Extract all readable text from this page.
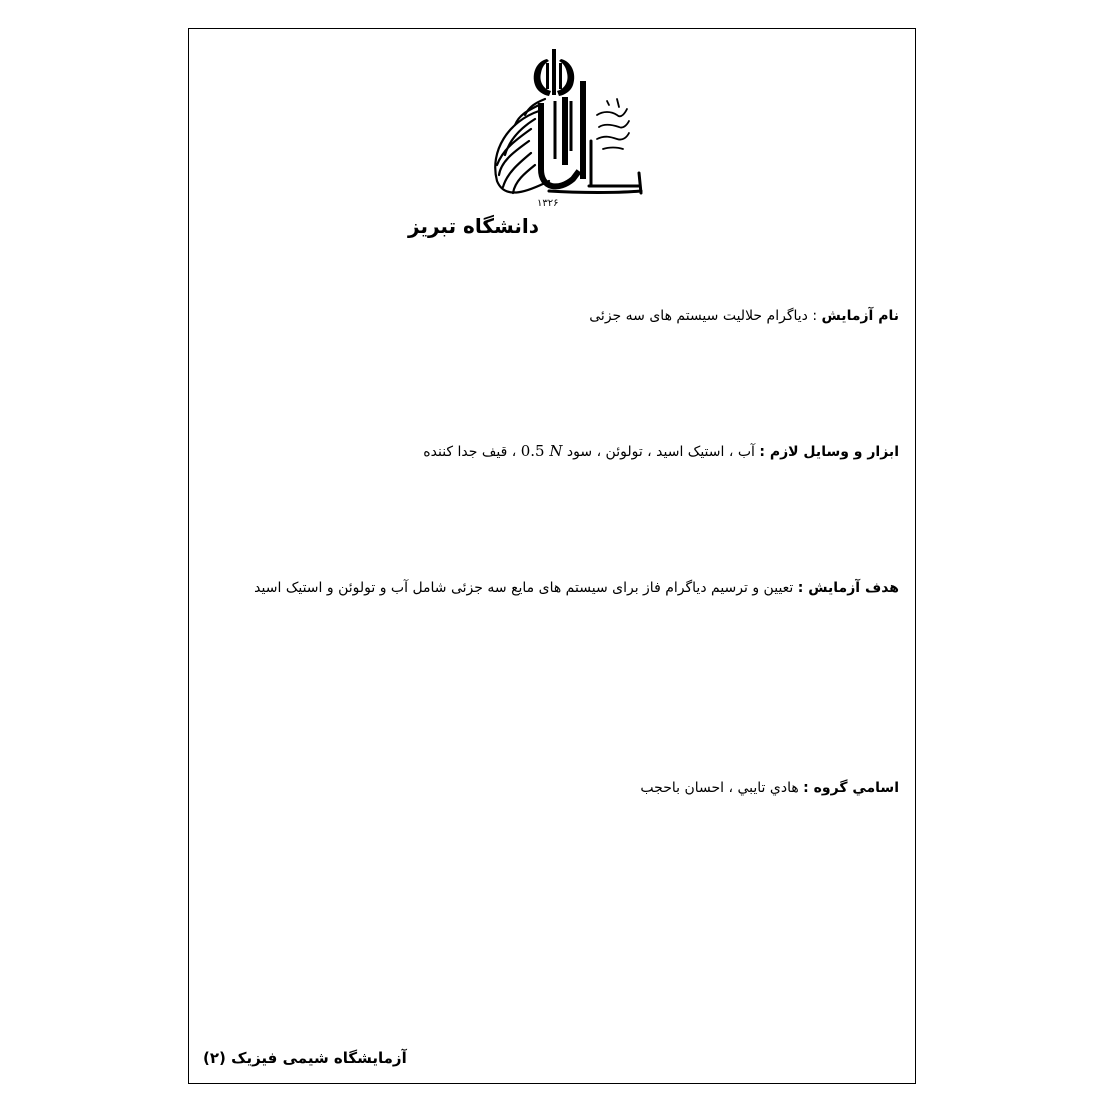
۱۳۲۶
دانشگاه تبریز
نام آزمایش : دیاگرام حلالیت سیستم های سه جزئی
ابزار و وسایل لازم : آب ، استیک اسید ، تولوئن ، سود 0.5 N ، قیف جدا کننده
هدف آزمایش : تعیین و ترسیم دیاگرام فاز برای سیستم های مایع سه جزئی شامل آب و تولوئن و استیک اسید
اسامي گروه : هادي تايبي ، احسان باحجب
آزمایشگاه شیمی فیزیک (۲)
